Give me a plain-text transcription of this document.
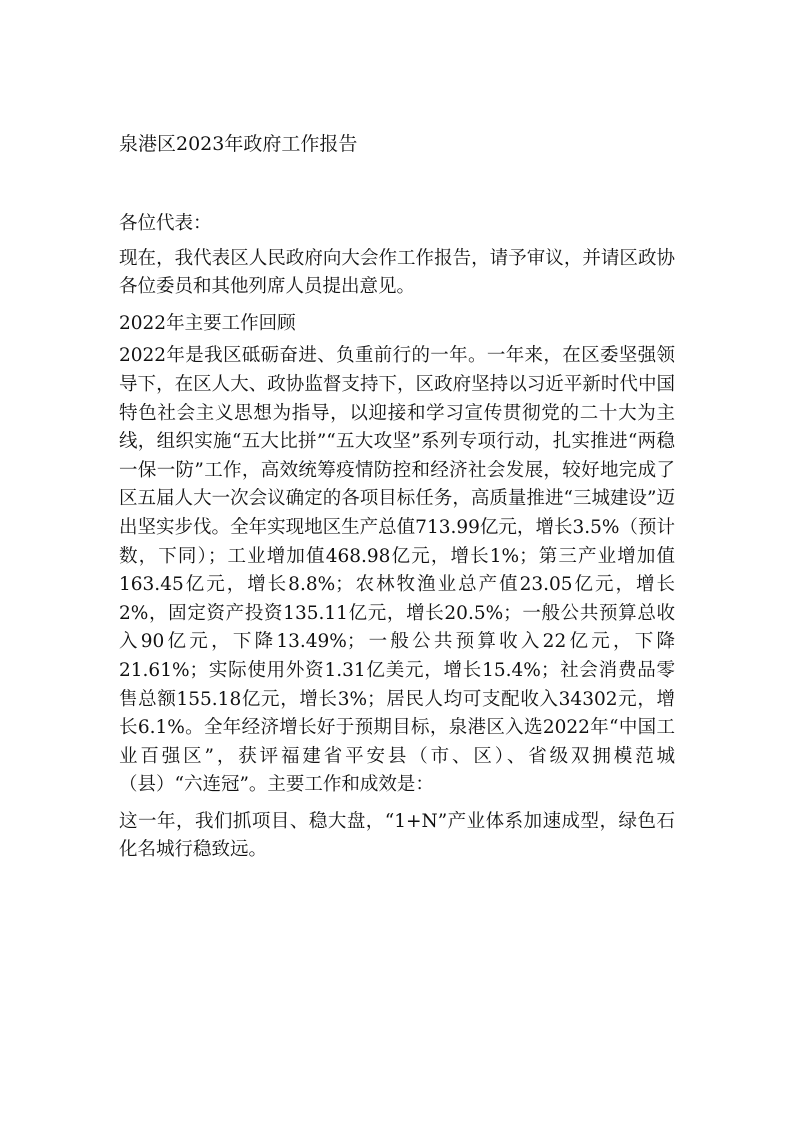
泉港区2023年政府工作报告

各位代表：

现在，我代表区人民政府向大会作工作报告，请予审议，并请区政协各位委员和其他列席人员提出意见。

2022年主要工作回顾

2022年是我区砥砺奋进、负重前行的一年。一年来，在区委坚强领导下，在区人大、政协监督支持下，区政府坚持以习近平新时代中国特色社会主义思想为指导，以迎接和学习宣传贯彻党的二十大为主线，组织实施“五大比拼”“五大攻坚”系列专项行动，扎实推进“两稳一保一防”工作，高效统筹疫情防控和经济社会发展，较好地完成了区五届人大一次会议确定的各项目标任务，高质量推进“三城建设”迈出坚实步伐。全年实现地区生产总值713.99亿元，增长3.5%（预计数，下同）；工业增加值468.98亿元，增长1%；第三产业增加值163.45亿元，增长8.8%；农林牧渔业总产值23.05亿元，增长2%，固定资产投资135.11亿元，增长20.5%；一般公共预算总收入90亿元，下降13.49%；一般公共预算收入22亿元，下降21.61%；实际使用外资1.31亿美元，增长15.4%；社会消费品零售总额155.18亿元，增长3%；居民人均可支配收入34302元，增长6.1%。全年经济增长好于预期目标，泉港区入选2022年“中国工业百强区”，获评福建省平安县（市、区）、省级双拥模范城（县）“六连冠”。主要工作和成效是：

这一年，我们抓项目、稳大盘，“1+N”产业体系加速成型，绿色石化名城行稳致远。
